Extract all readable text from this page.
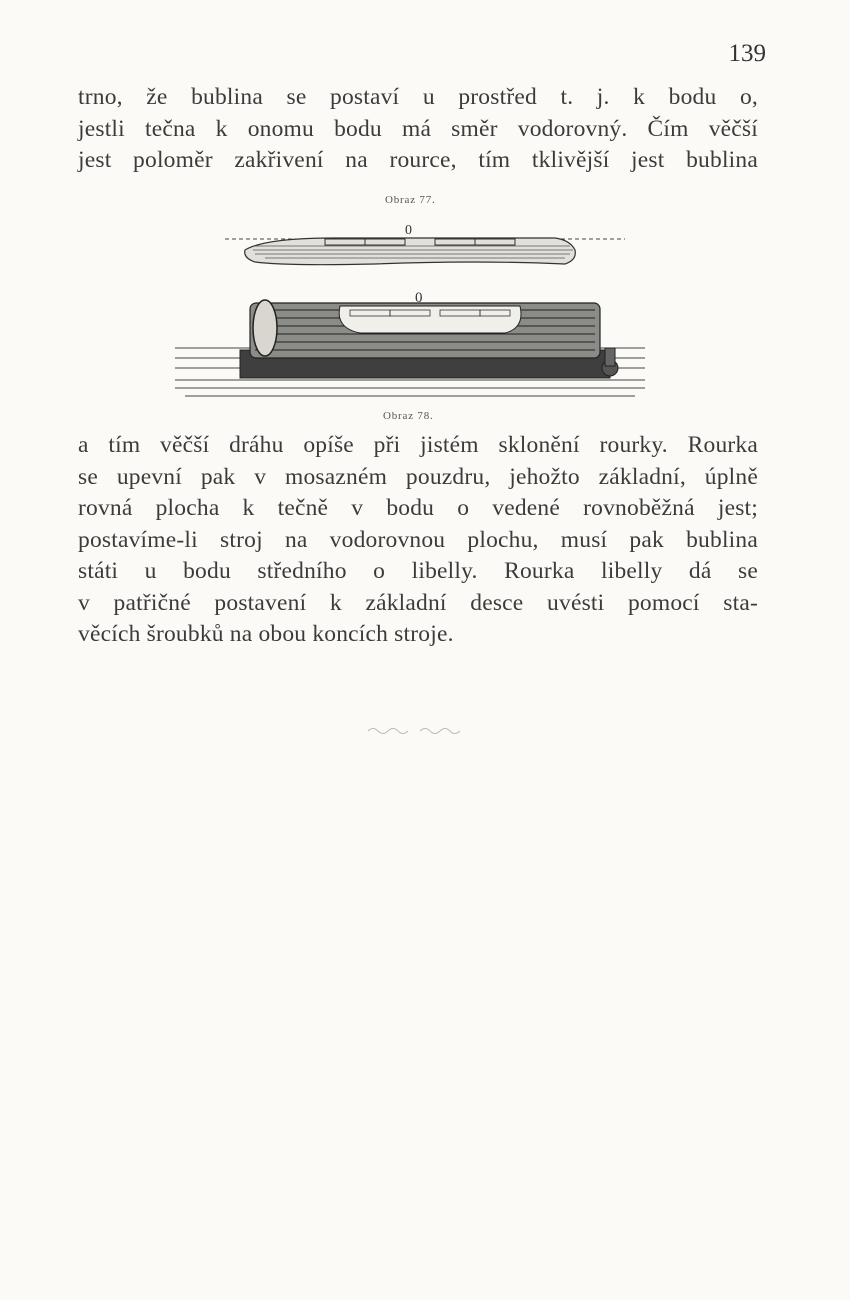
139
trno, že bublina se postaví u prostřed t. j. k bodu o,
jestli tečna k onomu bodu má směr vodorovný. Čím věčší
jest poloměr zakřivení na rource, tím tklivější jest bublina
Obraz 77.
0
0
Obraz 78.
a tím věčší dráhu opíše při jistém sklonění rourky. Rourka
se upevní pak v mosazném pouzdru, jehožto základní, úplně
rovná plocha k tečně v bodu o vedené rovnoběžná jest;
postavíme-li stroj na vodorovnou plochu, musí pak bublina
státi u bodu středního o libelly. Rourka libelly dá se
v patřičné postavení k základní desce uvésti pomocí sta-
věcích šroubků na obou koncích stroje.
